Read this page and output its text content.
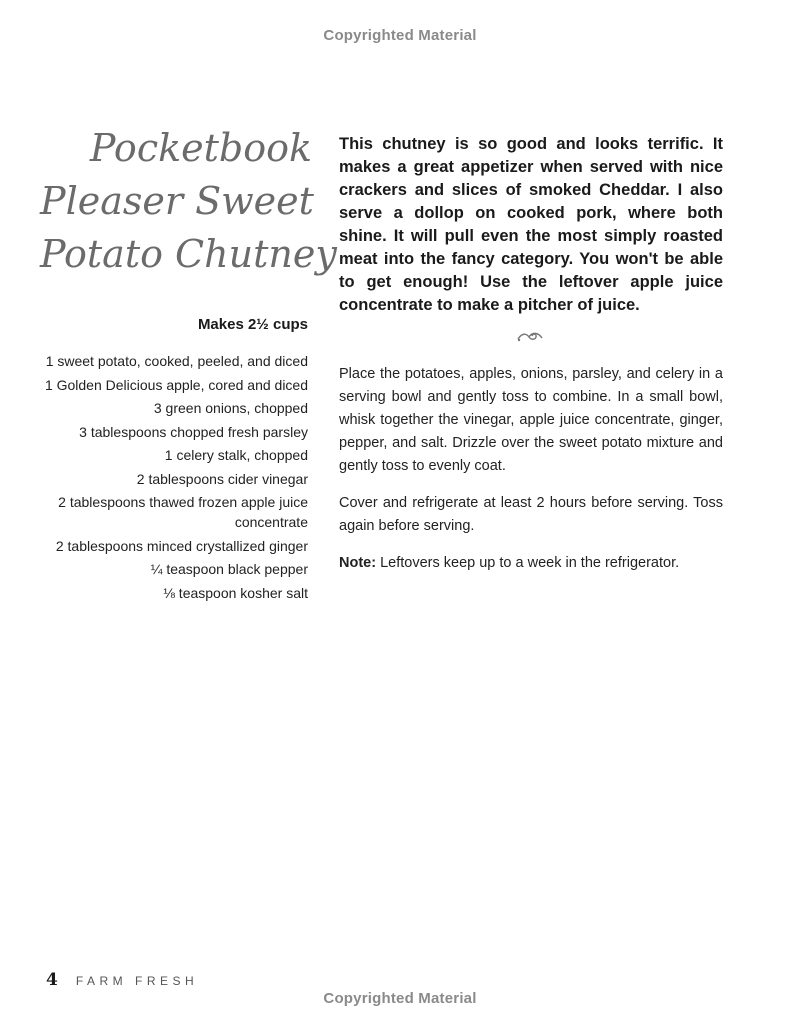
Copyrighted Material
Pocketbook
Pleaser Sweet
Potato Chutney
Makes 2½ cups
1 sweet potato, cooked, peeled, and diced
1 Golden Delicious apple, cored and diced
3 green onions, chopped
3 tablespoons chopped fresh parsley
1 celery stalk, chopped
2 tablespoons cider vinegar
2 tablespoons thawed frozen apple juice concentrate
2 tablespoons minced crystallized ginger
¼ teaspoon black pepper
⅛ teaspoon kosher salt

This chutney is so good and looks terrific. It makes a great appetizer when served with nice crackers and slices of smoked Cheddar. I also serve a dollop on cooked pork, where both shine. It will pull even the most simply roasted meat into the fancy category. You won't be able to get enough! Use the leftover apple juice concentrate to make a pitcher of juice.

Place the potatoes, apples, onions, parsley, and celery in a serving bowl and gently toss to combine. In a small bowl, whisk together the vinegar, apple juice concentrate, ginger, pepper, and salt. Drizzle over the sweet potato mixture and gently toss to evenly coat.

Cover and refrigerate at least 2 hours before serving. Toss again before serving.

Note: Leftovers keep up to a week in the refrigerator.

4 FARM FRESH
Copyrighted Material
